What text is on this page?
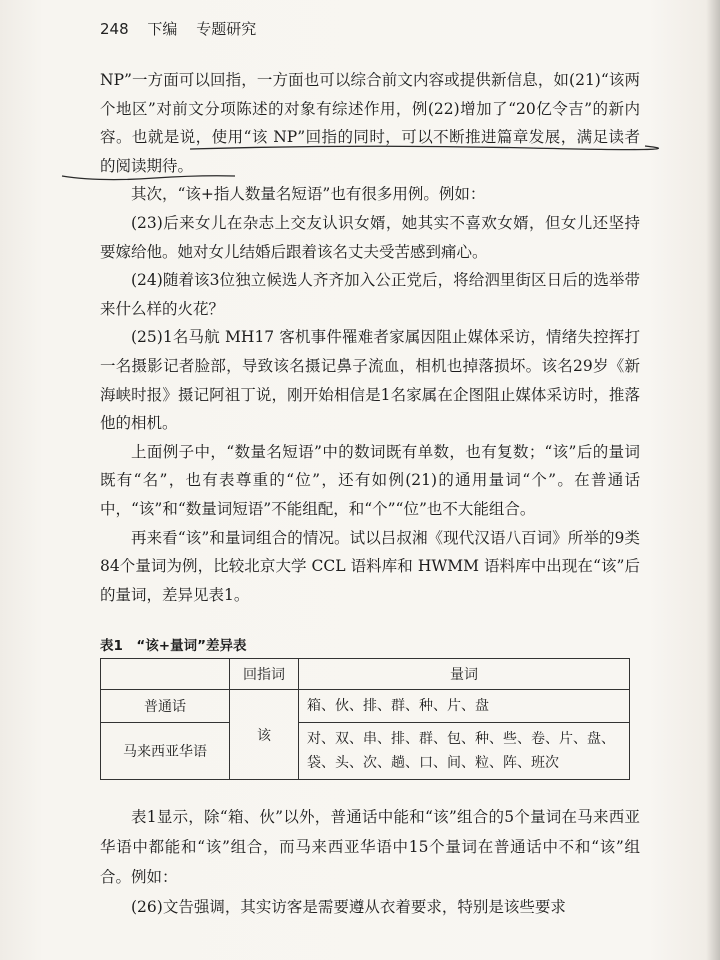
248 下编 专题研究

NP”一方面可以回指，一方面也可以综合前文内容或提供新信息，如(21)“该两个地区”对前文分项陈述的对象有综述作用，例(22)增加了“20亿令吉”的新内容。也就是说，使用“该 NP”回指的同时，可以不断推进篇章发展，满足读者的阅读期待。

其次，“该+指人数量名短语”也有很多用例。例如：

(23)后来女儿在杂志上交友认识女婿，她其实不喜欢女婿，但女儿还坚持要嫁给他。她对女儿结婚后跟着该名丈夫受苦感到痛心。

(24)随着该3位独立候选人齐齐加入公正党后，将给泗里街区日后的选举带来什么样的火花？

(25)1名马航 MH17 客机事件罹难者家属因阻止媒体采访，情绪失控挥打一名摄影记者脸部，导致该名摄记鼻子流血，相机也掉落损坏。该名29岁《新海峡时报》摄记阿祖丁说，刚开始相信是1名家属在企图阻止媒体采访时，推落他的相机。

上面例子中，“数量名短语”中的数词既有单数，也有复数；“该”后的量词既有“名”，也有表尊重的“位”，还有如例(21)的通用量词“个”。在普通话中，“该”和“数量词短语”不能组配，和“个”“位”也不大能组合。

再来看“该”和量词组合的情况。试以吕叔湘《现代汉语八百词》所举的9类84个量词为例，比较北京大学 CCL 语料库和 HWMM 语料库中出现在“该”后的量词，差异见表1。

表1　“该+量词”差异表
	回指词	量词
普通话	该	箱、伙、排、群、种、片、盘
马来西亚华语		对、双、串、排、群、包、种、些、卷、片、盘、袋、头、次、趟、口、间、粒、阵、班次

表1显示，除“箱、伙”以外，普通话中能和“该”组合的5个量词在马来西亚华语中都能和“该”组合，而马来西亚华语中15个量词在普通话中不和“该”组合。例如：

(26)文告强调，其实访客是需要遵从衣着要求，特别是该些要求
